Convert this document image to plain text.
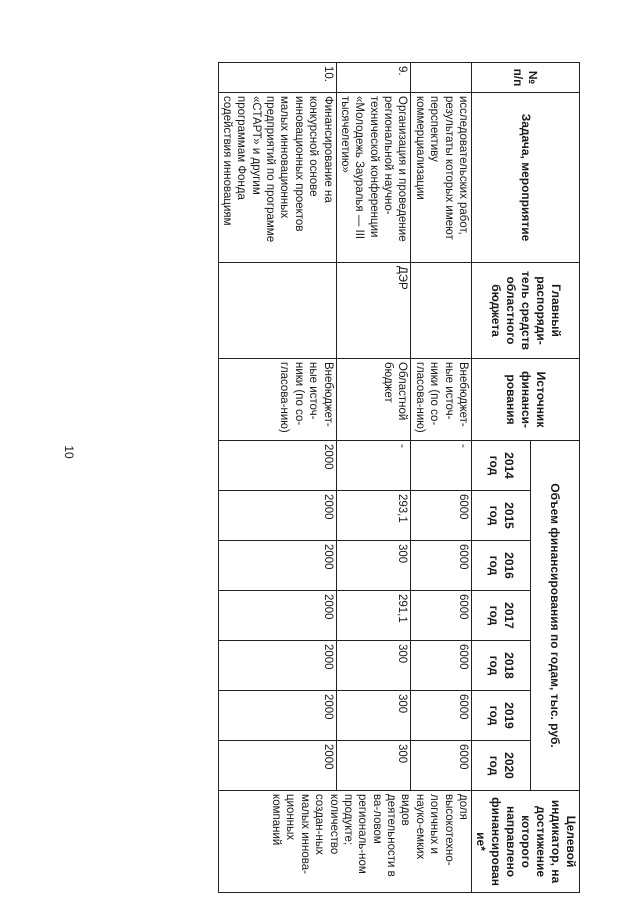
10
№ п/п	Задача, мероприятие	Главный распоряди-тель средств областного бюджета	Источник финанси-рования	Объем финансирования по годам, тыс. руб.							Целевой индикатор, на достижение которого направлено финансирование*
				2014 год	2015 год	2016 год	2017 год	2018 год	2019 год	2020 год	
	исследовательских работ, результаты которых имеют перспективу коммерциализации		Внебюджет-ные источ-ники (по со-гласова-нию)	-	6000	6000	6000	6000	6000	6000	доля высокотехно-логичных и науко-емких видов деятельности в ва-ловом региональ-ном продукте; количество создан-ных малых иннова-ционных компаний
9.	Организация и проведение региональной научно-технической конференции «Молодежь Зауралья — III тысячелетию»	ДЭР	Областной бюджет	-	293,1	300	291,1	300	300	300	
10.	Финансирование на конкурсной основе инновационных проектов малых инновационных предприятий по программе «СТАРТ» и другим программам Фонда содействия инновациям		Внебюджет-ные источ-ники (по со-гласова-нию)	2000	2000	2000	2000	2000	2000	2000	
